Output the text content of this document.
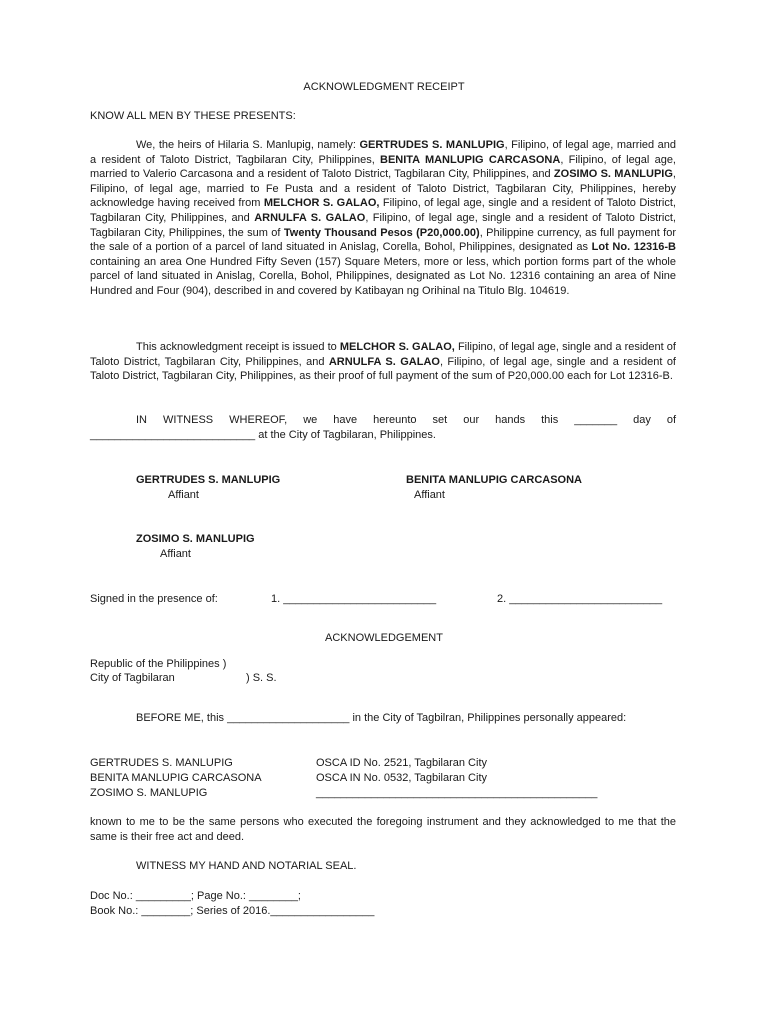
ACKNOWLEDGMENT RECEIPT
KNOW ALL MEN BY THESE PRESENTS:

We, the heirs of Hilaria S. Manlupig, namely: GERTRUDES S. MANLUPIG, Filipino, of legal age, married and a resident of Taloto District, Tagbilaran City, Philippines, BENITA MANLUPIG CARCASONA, Filipino, of legal age, married to Valerio Carcasona and a resident of Taloto District, Tagbilaran City, Philippines, and ZOSIMO S. MANLUPIG, Filipino, of legal age, married to Fe Pusta and a resident of Taloto District, Tagbilaran City, Philippines, hereby acknowledge having received from MELCHOR S. GALAO, Filipino, of legal age, single and a resident of Taloto District, Tagbilaran City, Philippines, and ARNULFA S. GALAO, Filipino, of legal age, single and a resident of Taloto District, Tagbilaran City, Philippines, the sum of Twenty Thousand Pesos (P20,000.00), Philippine currency, as full payment for the sale of a portion of a parcel of land situated in Anislag, Corella, Bohol, Philippines, designated as Lot No. 12316-B containing an area One Hundred Fifty Seven (157) Square Meters, more or less, which portion forms part of the whole parcel of land situated in Anislag, Corella, Bohol, Philippines, designated as Lot No. 12316 containing an area of Nine Hundred and Four (904), described in and covered by Katibayan ng Orihinal na Titulo Blg. 104619.

This acknowledgment receipt is issued to MELCHOR S. GALAO, Filipino, of legal age, single and a resident of Taloto District, Tagbilaran City, Philippines, and ARNULFA S. GALAO, Filipino, of legal age, single and a resident of Taloto District, Tagbilaran City, Philippines, as their proof of full payment of the sum of P20,000.00 each for Lot 12316-B.

IN WITNESS WHEREOF, we have hereunto set our hands this _______ day of
___________________________ at the City of Tagbilaran, Philippines.
GERTRUDES S. MANLUPIG
Affiant
BENITA MANLUPIG CARCASONA
Affiant
ZOSIMO S. MANLUPIG
Affiant
Signed in the presence of:	1. _________________________	2. _________________________
ACKNOWLEDGEMENT
Republic of the Philippines )
City of Tagbilaran	) S. S.

BEFORE ME, this ____________________ in the City of Tagbilran, Philippines personally appeared:

GERTRUDES S. MANLUPIG	OSCA ID No. 2521, Tagbilaran City
BENITA MANLUPIG CARCASONA	OSCA IN No. 0532, Tagbilaran City
ZOSIMO S. MANLUPIG	______________________________________________

known to me to be the same persons who executed the foregoing instrument and they acknowledged to me that the same is their free act and deed.

WITNESS MY HAND AND NOTARIAL SEAL.
Doc No.: _________; Page No.: ________;
Book No.: ________; Series of 2016._________________
